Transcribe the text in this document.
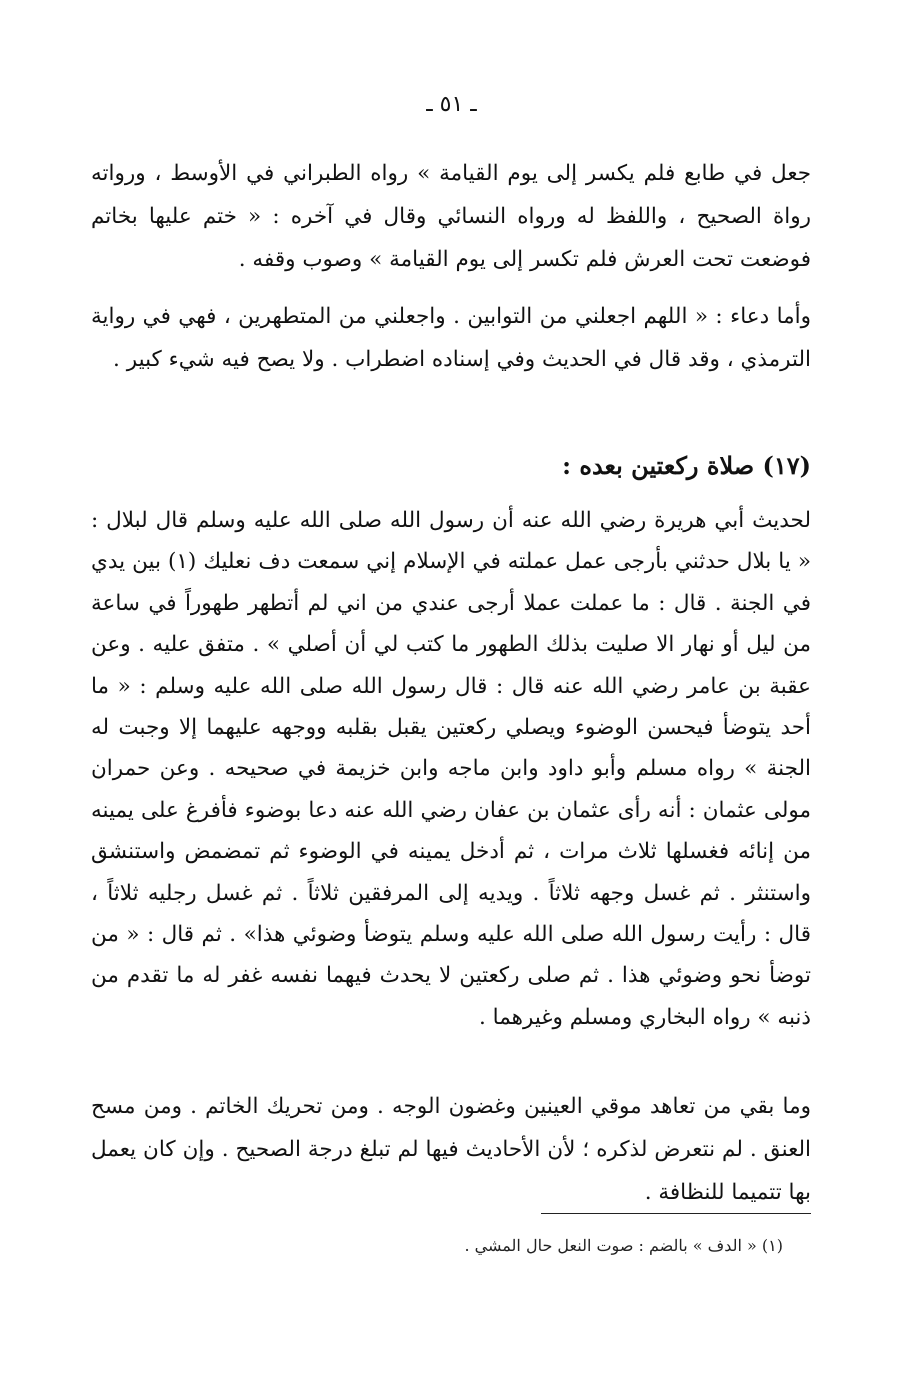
ـ ٥١ ـ

جعل في طابع فلم يكسر إلى يوم القيامة » رواه الطبراني في الأوسط ، ورواته رواة الصحيح ، واللفظ له ورواه النسائي وقال في آخره : « ختم عليها بخاتم فوضعت تحت العرش فلم تكسر إلى يوم القيامة » وصوب وقفه .

وأما دعاء : « اللهم اجعلني من التوابين . واجعلني من المتطهرين ، فهي في رواية الترمذي ، وقد قال في الحديث وفي إسناده اضطراب . ولا يصح فيه شيء كبير .

(١٧) صلاة ركعتين بعده :

لحديث أبي هريرة رضي الله عنه أن رسول الله صلى الله عليه وسلم قال لبلال : « يا بلال حدثني بأرجى عمل عملته في الإسلام إني سمعت دف نعليك (١) بين يدي في الجنة . قال : ما عملت عملا أرجى عندي من اني لم أتطهر طهوراً في ساعة من ليل أو نهار الا صليت بذلك الطهور ما كتب لي أن أصلي » . متفق عليه . وعن عقبة بن عامر رضي الله عنه قال : قال رسول الله صلى الله عليه وسلم : « ما أحد يتوضأ فيحسن الوضوء ويصلي ركعتين يقبل بقلبه ووجهه عليهما إلا وجبت له الجنة » رواه مسلم وأبو داود وابن ماجه وابن خزيمة في صحيحه . وعن حمران مولى عثمان : أنه رأى عثمان بن عفان رضي الله عنه دعا بوضوء فأفرغ على يمينه من إنائه فغسلها ثلاث مرات ، ثم أدخل يمينه في الوضوء ثم تمضمض واستنشق واستنثر . ثم غسل وجهه ثلاثاً . ويديه إلى المرفقين ثلاثاً . ثم غسل رجليه ثلاثاً ، قال : رأيت رسول الله صلى الله عليه وسلم يتوضأ وضوئي هذا» . ثم قال : « من توضأ نحو وضوئي هذا . ثم صلى ركعتين لا يحدث فيهما نفسه غفر له ما تقدم من ذنبه » رواه البخاري ومسلم وغيرهما .

وما بقي من تعاهد موقي العينين وغضون الوجه . ومن تحريك الخاتم . ومن مسح العنق . لم نتعرض لذكره ؛ لأن الأحاديث فيها لم تبلغ درجة الصحيح . وإن كان يعمل بها تتميما للنظافة .

(١) « الدف » بالضم : صوت النعل حال المشي .
